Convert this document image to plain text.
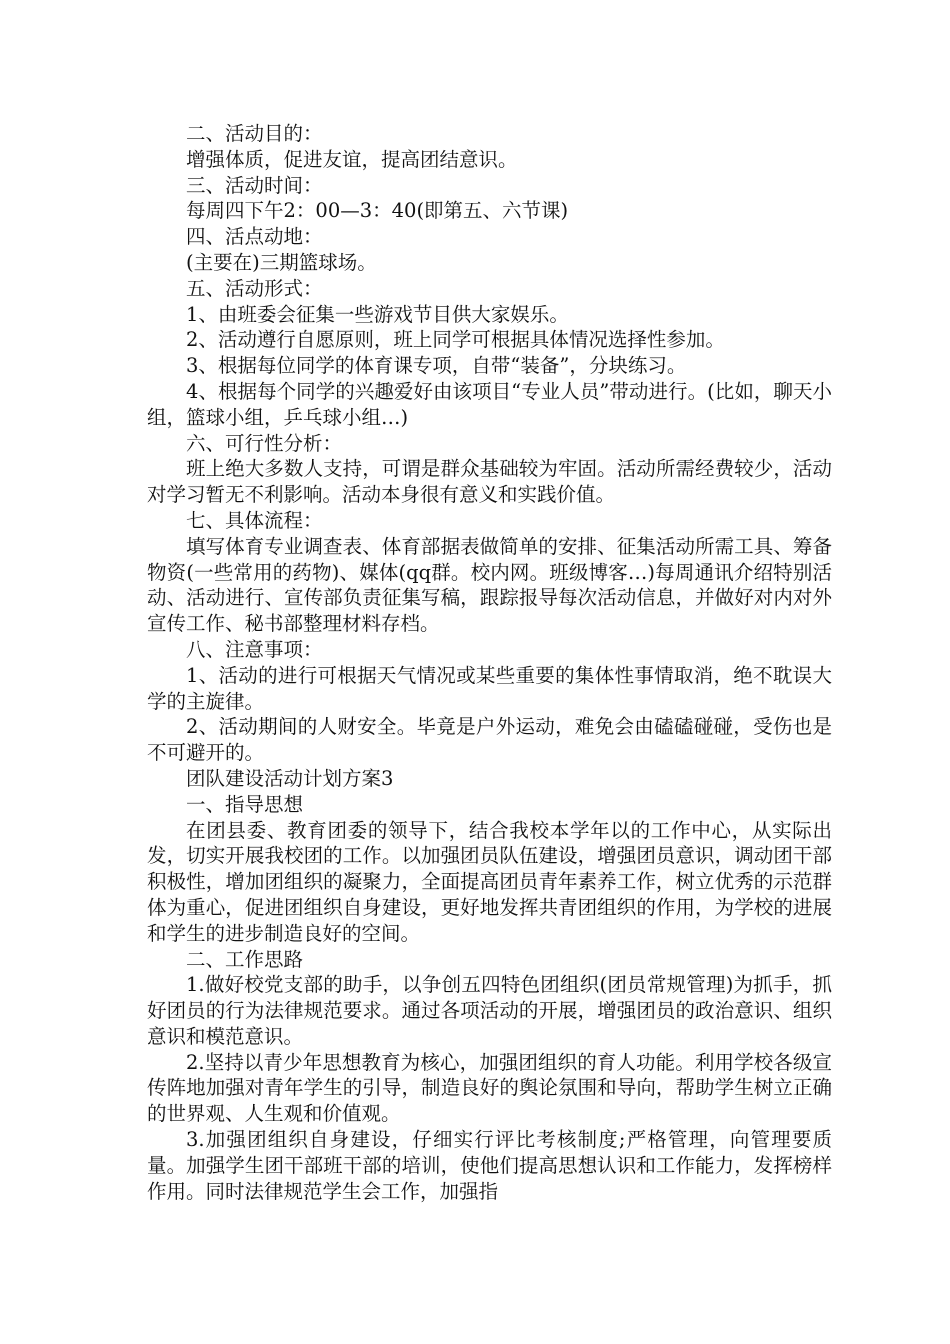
二、活动目的：

增强体质，促进友谊，提高团结意识。

三、活动时间：

每周四下午2：00—3：40(即第五、六节课)

四、活点动地：

(主要在)三期篮球场。

五、活动形式：

1、由班委会征集一些游戏节目供大家娱乐。

2、活动遵行自愿原则，班上同学可根据具体情况选择性参加。

3、根据每位同学的体育课专项，自带“装备”，分块练习。

4、根据每个同学的兴趣爱好由该项目“专业人员”带动进行。(比如，聊天小组，篮球小组，乒乓球小组…)

六、可行性分析：

班上绝大多数人支持，可谓是群众基础较为牢固。活动所需经费较少，活动对学习暂无不利影响。活动本身很有意义和实践价值。

七、具体流程：

填写体育专业调查表、体育部据表做简单的安排、征集活动所需工具、筹备物资(一些常用的药物)、媒体(qq群。校内网。班级博客…)每周通讯介绍特别活动、活动进行、宣传部负责征集写稿，跟踪报导每次活动信息，并做好对内对外宣传工作、秘书部整理材料存档。

八、注意事项：

1、活动的进行可根据天气情况或某些重要的集体性事情取消，绝不耽误大学的主旋律。

2、活动期间的人财安全。毕竟是户外运动，难免会由磕磕碰碰，受伤也是不可避开的。

团队建设活动计划方案3

一、指导思想

在团县委、教育团委的领导下，结合我校本学年以的工作中心，从实际出发，切实开展我校团的工作。以加强团员队伍建设，增强团员意识，调动团干部积极性，增加团组织的凝聚力，全面提高团员青年素养工作，树立优秀的示范群体为重心，促进团组织自身建设，更好地发挥共青团组织的作用，为学校的进展和学生的进步制造良好的空间。

二、工作思路

1.做好校党支部的助手，以争创五四特色团组织(团员常规管理)为抓手，抓好团员的行为法律规范要求。通过各项活动的开展，增强团员的政治意识、组织意识和模范意识。

2.坚持以青少年思想教育为核心，加强团组织的育人功能。利用学校各级宣传阵地加强对青年学生的引导，制造良好的舆论氛围和导向，帮助学生树立正确的世界观、人生观和价值观。

3.加强团组织自身建设，仔细实行评比考核制度;严格管理，向管理要质量。加强学生团干部班干部的培训，使他们提高思想认识和工作能力，发挥榜样作用。同时法律规范学生会工作，加强指
